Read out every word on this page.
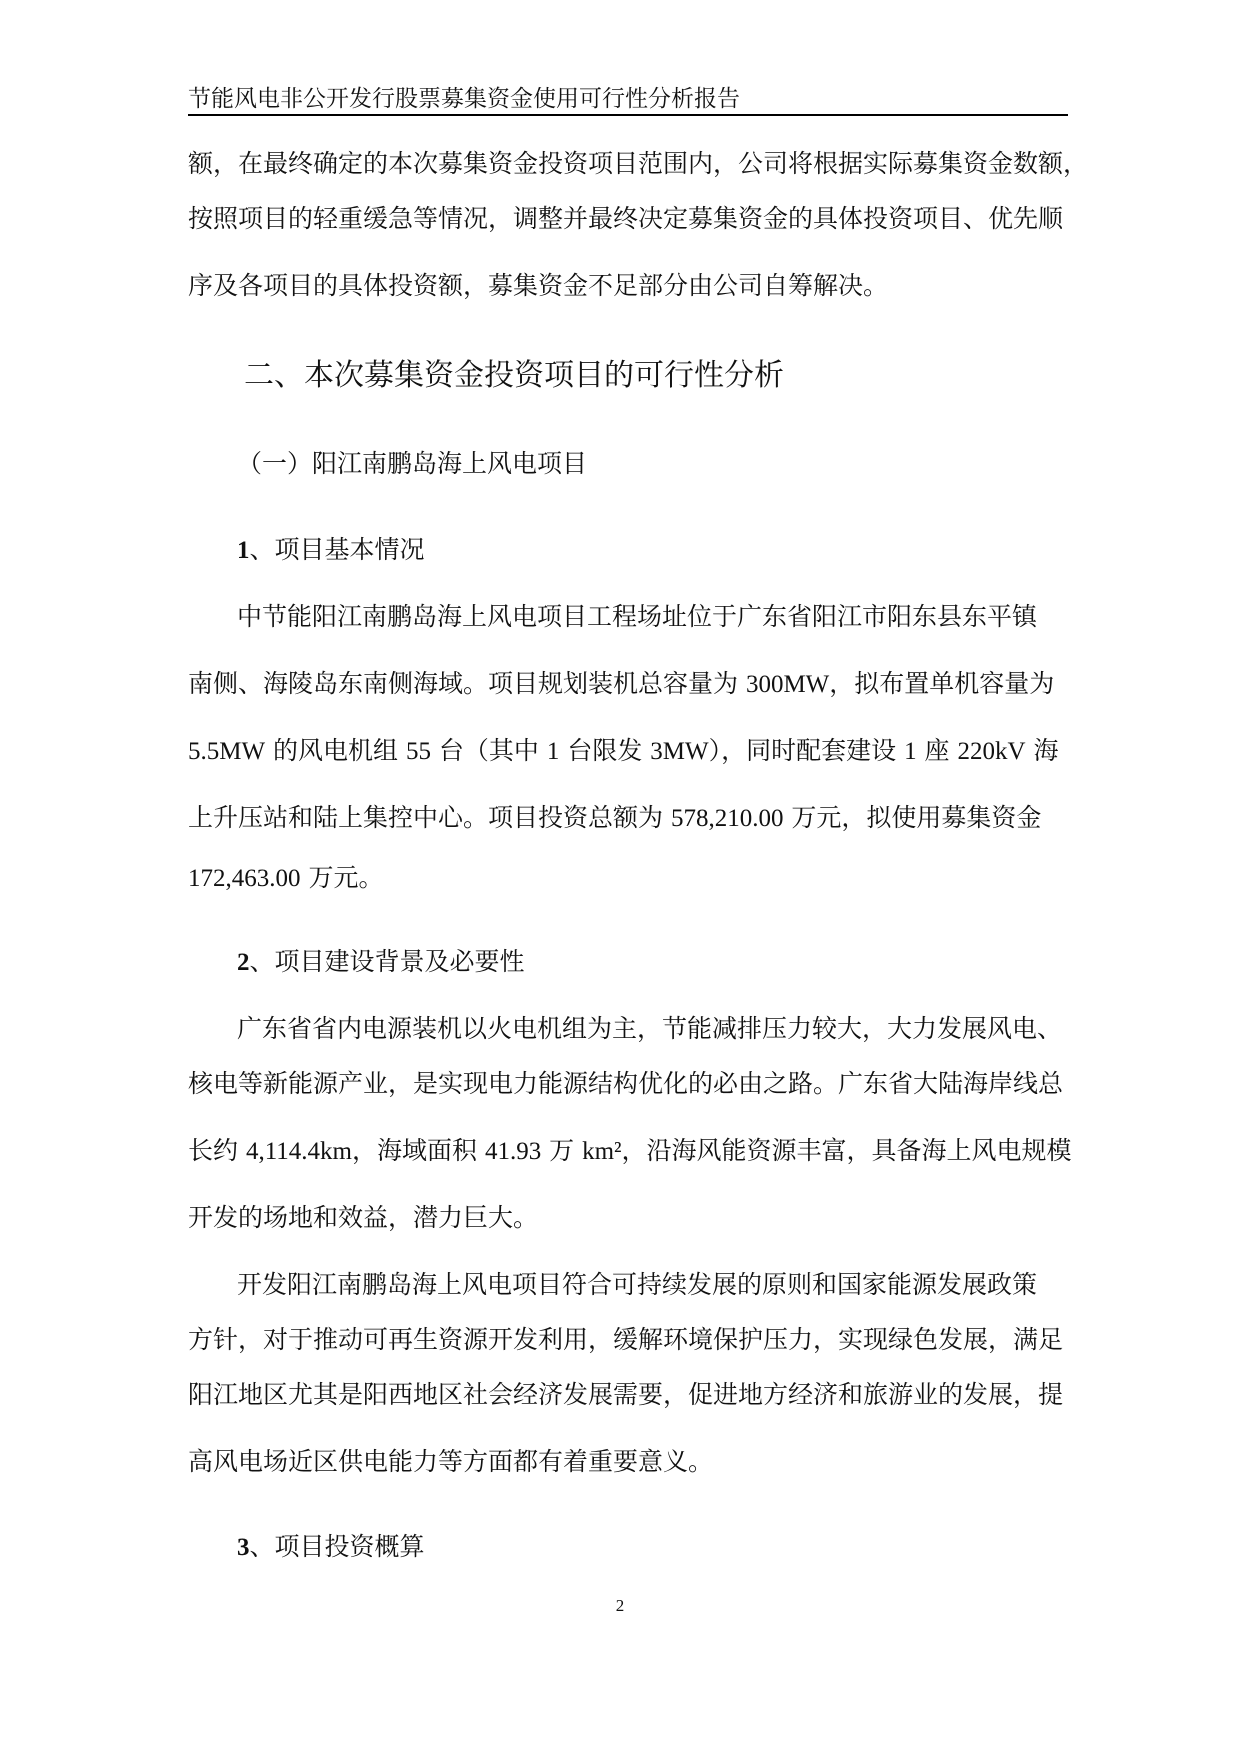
节能风电非公开发行股票募集资金使用可行性分析报告
额，在最终确定的本次募集资金投资项目范围内，公司将根据实际募集资金数额，
按照项目的轻重缓急等情况，调整并最终决定募集资金的具体投资项目、优先顺
序及各项目的具体投资额，募集资金不足部分由公司自筹解决。
二、本次募集资金投资项目的可行性分析
（一）阳江南鹏岛海上风电项目
1、项目基本情况
中节能阳江南鹏岛海上风电项目工程场址位于广东省阳江市阳东县东平镇
南侧、海陵岛东南侧海域。项目规划装机总容量为 300MW，拟布置单机容量为
5.5MW 的风电机组 55 台（其中 1 台限发 3MW），同时配套建设 1 座 220kV 海
上升压站和陆上集控中心。项目投资总额为 578,210.00 万元，拟使用募集资金
172,463.00 万元。
2、项目建设背景及必要性
广东省省内电源装机以火电机组为主，节能减排压力较大，大力发展风电、
核电等新能源产业，是实现电力能源结构优化的必由之路。广东省大陆海岸线总
长约 4,114.4km，海域面积 41.93 万 km²，沿海风能资源丰富，具备海上风电规模
开发的场地和效益，潜力巨大。
开发阳江南鹏岛海上风电项目符合可持续发展的原则和国家能源发展政策
方针，对于推动可再生资源开发利用，缓解环境保护压力，实现绿色发展，满足
阳江地区尤其是阳西地区社会经济发展需要，促进地方经济和旅游业的发展，提
高风电场近区供电能力等方面都有着重要意义。
3、项目投资概算
2
